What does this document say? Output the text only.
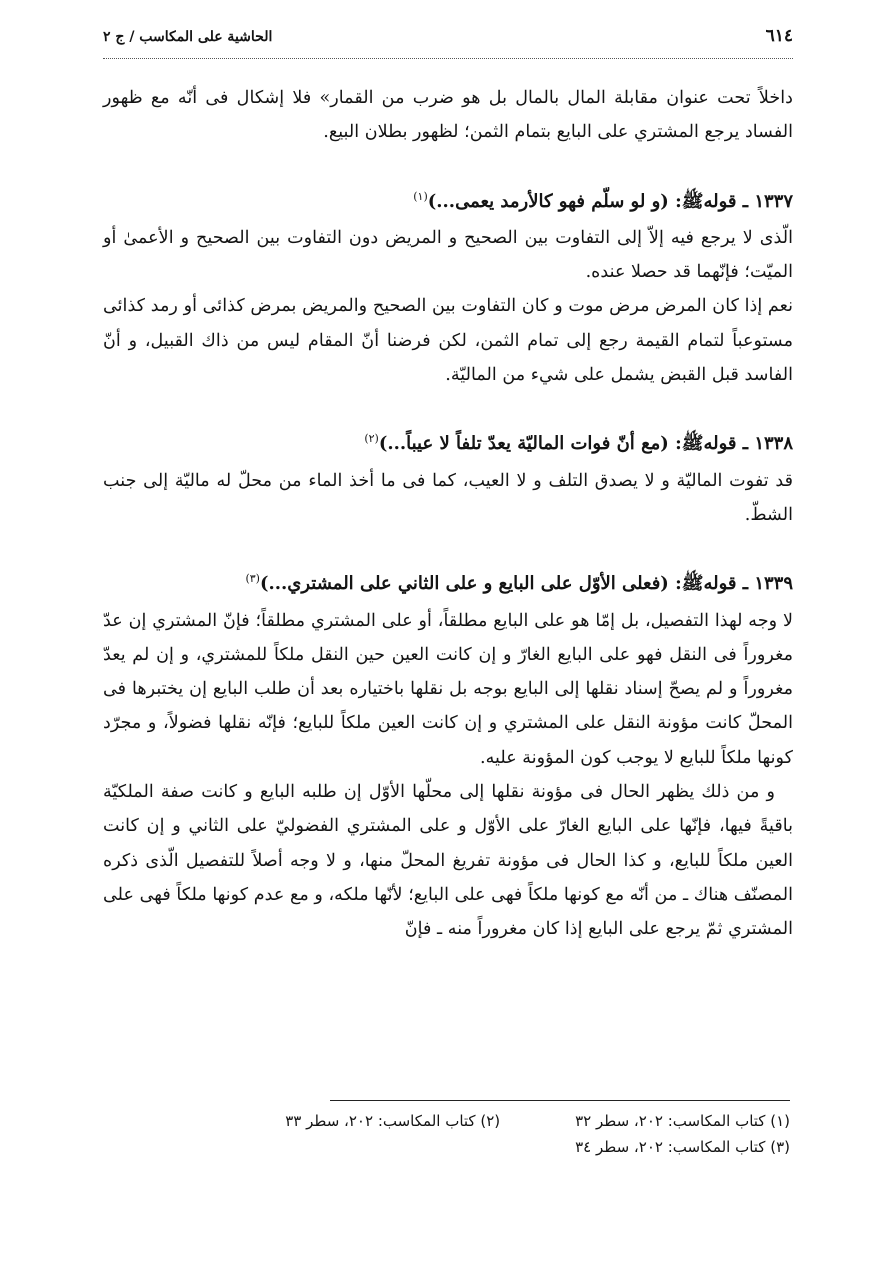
٦١٤
الحاشية على المكاسب / ج ٢

داخلاً تحت عنوان مقابلة المال بالمال بل هو ضرب من القمار» فلا إشكال فى أنّه مع ظهور الفساد يرجع المشتري على البايع بتمام الثمن؛ لظهور بطلان البيع.

١٣٣٧ ـ قوله‌ﷺ: (و لو سلّم فهو كالأرمد يعمى...)$^{(١)}$

الّذى لا يرجع فيه إلاّ إلى التفاوت بين الصحيح و المريض دون التفاوت بين الصحيح و الأعمىٰ أو الميّت؛ فإنّهما قد حصلا عنده.

نعم إذا كان المرض مرض موت و كان التفاوت بين الصحيح والمريض بمرض كذائى أو رمد كذائى مستوعباً لتمام القيمة رجع إلى تمام الثمن، لكن فرضنا أنّ المقام ليس من ذاك القبيل، و أنّ الفاسد قبل القبض يشمل على شيء من الماليّة.

١٣٣٨ ـ قوله‌ﷺ: (مع أنّ فوات الماليّة يعدّ تلفاً لا عيباً...)$^{(٢)}$

قد تفوت الماليّة و لا يصدق التلف و لا العيب، كما فى ما أخذ الماء من محلّ له ماليّة إلى جنب الشطّ.

١٣٣٩ ـ قوله‌ﷺ: (فعلى الأوّل على البايع و على الثاني على المشتري...)$^{(٣)}$

لا وجه لهذا التفصيل، بل إمّا هو على البايع مطلقاً، أو على المشتري مطلقاً؛ فإنّ المشتري إن عدّ مغروراً فى النقل فهو على البايع الغارّ و إن كانت العين حين النقل ملكاً للمشتري، و إن لم يعدّ مغروراً و لم يصحّ إسناد نقلها إلى البايع بوجه بل نقلها باختياره بعد أن طلب البايع إن يختبرها فى المحلّ كانت مؤونة النقل على المشتري و إن كانت العين ملكاً للبايع؛ فإنّه نقلها فضولاً، و مجرّد كونها ملكاً للبايع لا يوجب كون المؤونة عليه.

و من ذلك يظهر الحال فى مؤونة نقلها إلى محلّها الأوّل إن طلبه البايع و كانت صفة الملكيّة باقيةً فيها، فإنّها على البايع الغارّ على الأوّل و على المشتري الفضوليّ على الثاني و إن كانت العين ملكاً للبايع، و كذا الحال فى مؤونة تفريغ المحلّ منها، و لا وجه أصلاً للتفصيل الّذى ذكره المصنّف هناك ـ من أنّه مع كونها ملكاً فهى على البايع؛ لأنّها ملكه، و مع عدم كونها ملكاً فهى على المشتري ثمّ يرجع على البايع إذا كان مغروراً منه ـ فإنّ

(١) كتاب المكاسب: ٢٠٢، سطر ٣٢
(٢) كتاب المكاسب: ٢٠٢، سطر ٣٣
(٣) كتاب المكاسب: ٢٠٢، سطر ٣٤
